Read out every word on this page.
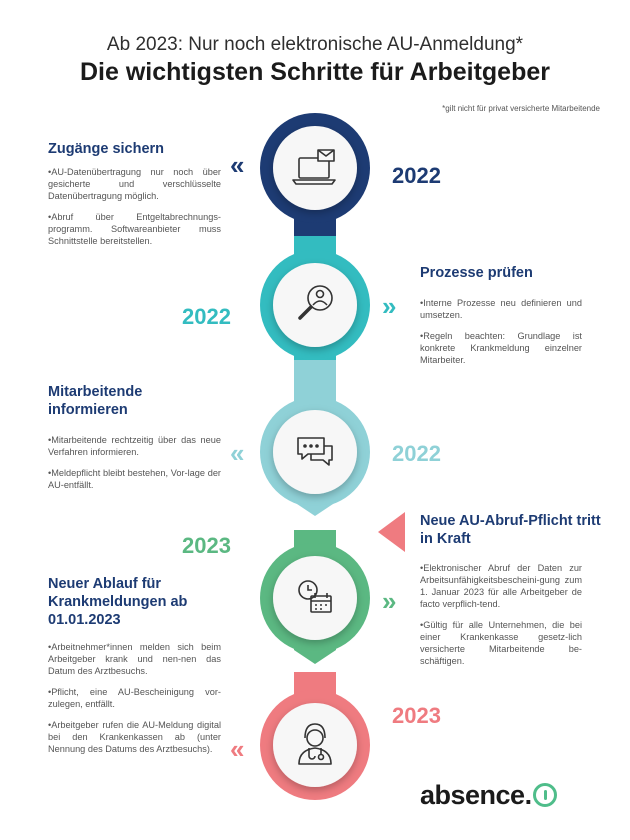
Ab 2023: Nur noch elektronische AU-Anmeldung*
Die wichtigsten Schritte für Arbeitgeber
*gilt nicht für privat versicherte Mitarbeitende
Zugänge sichern

•AU-Datenübertragung nur noch über gesicherte und verschlüsselte Datenübertragung möglich.

•Abruf über Entgeltabrechnungs-programm. Softwareanbieter muss Schnittstelle bereitstellen.

«	2022
2022	»
Prozesse prüfen

•Interne Prozesse neu definieren und umsetzen.

•Regeln beachten: Grundlage ist konkrete Krankmeldung einzelner Mitarbeiter.

Mitarbeitende informieren

•Mitarbeitende rechtzeitig über das neue Verfahren informieren.

•Meldepflicht bleibt bestehen, Vor-lage der AU-entfällt.

«	2022
2023
Neue AU-Abruf-Pflicht tritt in Kraft
»

•Elektronischer Abruf der Daten zur Arbeitsunfähigkeitsbescheini-gung zum 1. Januar 2023 für alle Arbeitgeber de facto verpflich-tend.

•Gültig für alle Unternehmen, die bei einer Krankenkasse gesetz-lich versicherte Mitarbeitende be-schäftigen.

Neuer Ablauf für Krankmeldungen ab 01.01.2023

•Arbeitnehmer*innen melden sich beim Arbeitgeber krank und nen-nen das Datum des Arztbesuchs.

•Pflicht, eine AU-Bescheinigung vor-zulegen, entfällt.

•Arbeitgeber rufen die AU-Meldung digital bei den Krankenkassen ab (unter Nennung des Datums des Arztbesuchs).

2023
«
absence.
